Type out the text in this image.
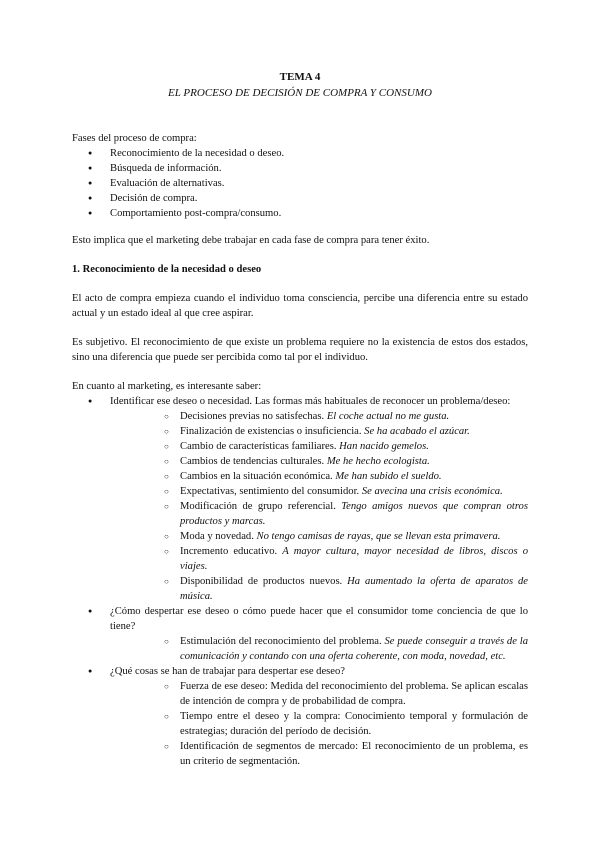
TEMA 4

EL PROCESO DE DECISIÓN DE COMPRA Y CONSUMO

Fases del proceso de compra:

● Reconocimiento de la necesidad o deseo.
● Búsqueda de información.
● Evaluación de alternativas.
● Decisión de compra.
● Comportamiento post-compra/consumo.

Esto implica que el marketing debe trabajar en cada fase de compra para tener éxito.

1. Reconocimiento de la necesidad o deseo

El acto de compra empieza cuando el individuo toma consciencia, percibe una diferencia entre su estado actual y un estado ideal al que cree aspirar.

Es subjetivo. El reconocimiento de que existe un problema requiere no la existencia de estos dos estados, sino una diferencia que puede ser percibida como tal por el individuo.

En cuanto al marketing, es interesante saber:

● Identificar ese deseo o necesidad. Las formas más habituales de reconocer un problema/deseo:
○ Decisiones previas no satisfechas. El coche actual no me gusta.
○ Finalización de existencias o insuficiencia. Se ha acabado el azúcar.
○ Cambio de características familiares. Han nacido gemelos.
○ Cambios de tendencias culturales. Me he hecho ecologista.
○ Cambios en la situación económica. Me han subido el sueldo.
○ Expectativas, sentimiento del consumidor. Se avecina una crisis económica.
○ Modificación de grupo referencial. Tengo amigos nuevos que compran otros productos y marcas.
○ Moda y novedad. No tengo camisas de rayas, que se llevan esta primavera.
○ Incremento educativo. A mayor cultura, mayor necesidad de libros, discos o viajes.
○ Disponibilidad de productos nuevos. Ha aumentado la oferta de aparatos de música.
● ¿Cómo despertar ese deseo o cómo puede hacer que el consumidor tome conciencia de que lo tiene?
○ Estimulación del reconocimiento del problema. Se puede conseguir a través de la comunicación y contando con una oferta coherente, con moda, novedad, etc.
● ¿Qué cosas se han de trabajar para despertar ese deseo?
○ Fuerza de ese deseo: Medida del reconocimiento del problema. Se aplican escalas de intención de compra y de probabilidad de compra.
○ Tiempo entre el deseo y la compra: Conocimiento temporal y formulación de estrategias; duración del período de decisión.
○ Identificación de segmentos de mercado: El reconocimiento de un problema, es un criterio de segmentación.
